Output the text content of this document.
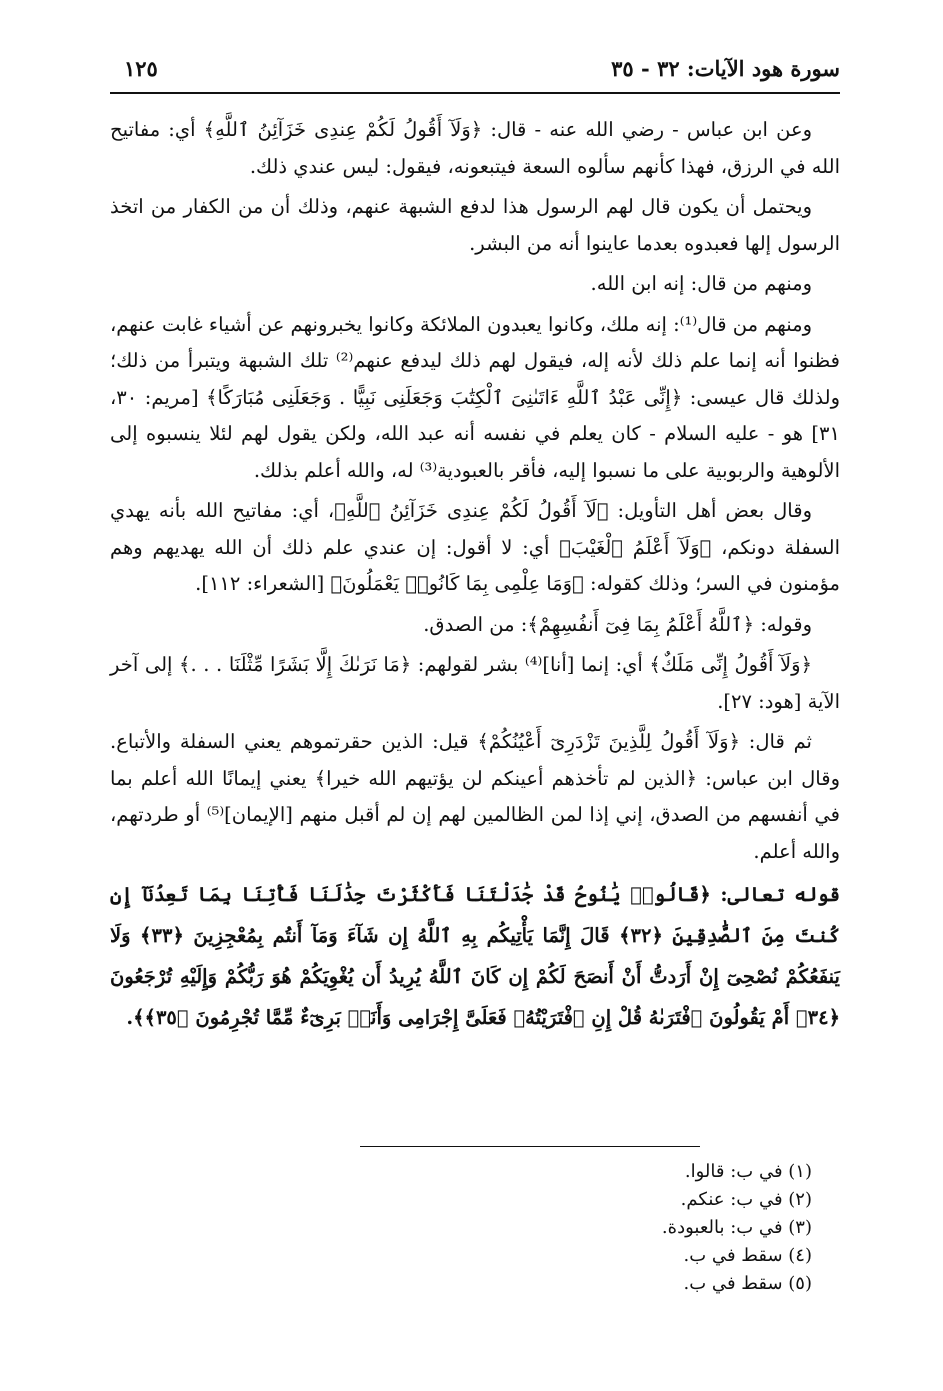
سورة هود الآيات: ٣٢ - ٣٥
١٢٥

وعن ابن عباس - رضي الله عنه - قال: ﴿وَلَآ أَقُولُ لَكُمْ عِندِى خَزَآئِنُ ٱللَّهِ﴾ أي: مفاتيح الله في الرزق، فهذا كأنهم سألوه السعة فيتبعونه، فيقول: ليس عندي ذلك.

ويحتمل أن يكون قال لهم الرسول هذا لدفع الشبهة عنهم، وذلك أن من الكفار من اتخذ الرسول إلها فعبدوه بعدما عاينوا أنه من البشر.

ومنهم من قال: إنه ابن الله.

ومنهم من قال⁽¹⁾: إنه ملك، وكانوا يعبدون الملائكة وكانوا يخبرونهم عن أشياء غابت عنهم، فظنوا أنه إنما علم ذلك لأنه إله، فيقول لهم ذلك ليدفع عنهم⁽²⁾ تلك الشبهة ويتبرأ من ذلك؛ ولذلك قال عيسى: ﴿إِنِّى عَبْدُ ٱللَّهِ ءَاتَىٰنِىَ ٱلْكِتَٰبَ وَجَعَلَنِى نَبِيًّا . وَجَعَلَنِى مُبَارَكًا﴾ [مريم: ٣٠، ٣١] هو - عليه السلام - كان يعلم في نفسه أنه عبد الله، ولكن يقول لهم لئلا ينسبوه إلى الألوهية والربوبية على ما نسبوا إليه، فأقر بالعبودية⁽³⁾ له، والله أعلم بذلك.

وقال بعض أهل التأويل: ﴿لَآ أَقُولُ لَكُمْ عِندِى خَزَآئِنُ ٱللَّهِ﴾، أي: مفاتيح الله بأنه يهدي السفلة دونكم، ﴿وَلَآ أَعْلَمُ ٱلْغَيْبَ﴾ أي: لا أقول: إن عندي علم ذلك أن الله يهديهم وهم مؤمنون في السر؛ وذلك كقوله: ﴿وَمَا عِلْمِى بِمَا كَانُوا۟ يَعْمَلُونَ﴾ [الشعراء: ١١٢].

وقوله: ﴿ٱللَّهُ أَعْلَمُ بِمَا فِىٓ أَنفُسِهِمْ﴾: من الصدق.

﴿وَلَآ أَقُولُ إِنِّى مَلَكٌ﴾ أي: إنما [أنا]⁽⁴⁾ بشر لقولهم: ﴿مَا نَرَىٰكَ إِلَّا بَشَرًا مِّثْلَنَا . . .﴾ إلى آخر الآية [هود: ٢٧].

ثم قال: ﴿وَلَآ أَقُولُ لِلَّذِينَ تَزْدَرِىٓ أَعْيُنُكُمْ﴾ قيل: الذين حقرتموهم يعني السفلة والأتباع. وقال ابن عباس: ﴿الذين لم تأخذهم أعينكم لن يؤتيهم الله خيرا﴾ يعني إيمانًا الله أعلم بما في أنفسهم من الصدق، إني إذا لمن الظالمين لهم إن لم أقبل منهم [الإيمان]⁽⁵⁾ أو طردتهم، والله أعلم.

قوله تعالى: ﴿قَالُوا۟ يَٰنُوحُ قَدْ جَٰدَلْتَنَا فَأَكْثَرْتَ جِدَٰلَنَا فَأْتِنَا بِمَا تَعِدُنَآ إِن كُنتَ مِنَ ٱلصَّٰدِقِينَ ﴿٣٢﴾ قَالَ إِنَّمَا يَأْتِيكُم بِهِ ٱللَّهُ إِن شَآءَ وَمَآ أَنتُم بِمُعْجِزِينَ ﴿٣٣﴾ وَلَا يَنفَعُكُمْ نُصْحِىٓ إِنْ أَرَدتُّ أَنْ أَنصَحَ لَكُمْ إِن كَانَ ٱللَّهُ يُرِيدُ أَن يُغْوِيَكُمْ هُوَ رَبُّكُمْ وَإِلَيْهِ تُرْجَعُونَ ﴿٣٤﴾ أَمْ يَقُولُونَ ٱفْتَرَىٰهُ قُلْ إِنِ ٱفْتَرَيْتُهُۥ فَعَلَىَّ إِجْرَامِى وَأَنَا۠ بَرِىٓءٌ مِّمَّا تُجْرِمُونَ ﴿٣٥﴾﴾.

(١) في ب: قالوا.
(٢) في ب: عنكم.
(٣) في ب: بالعبودة.
(٤) سقط في ب.
(٥) سقط في ب.
